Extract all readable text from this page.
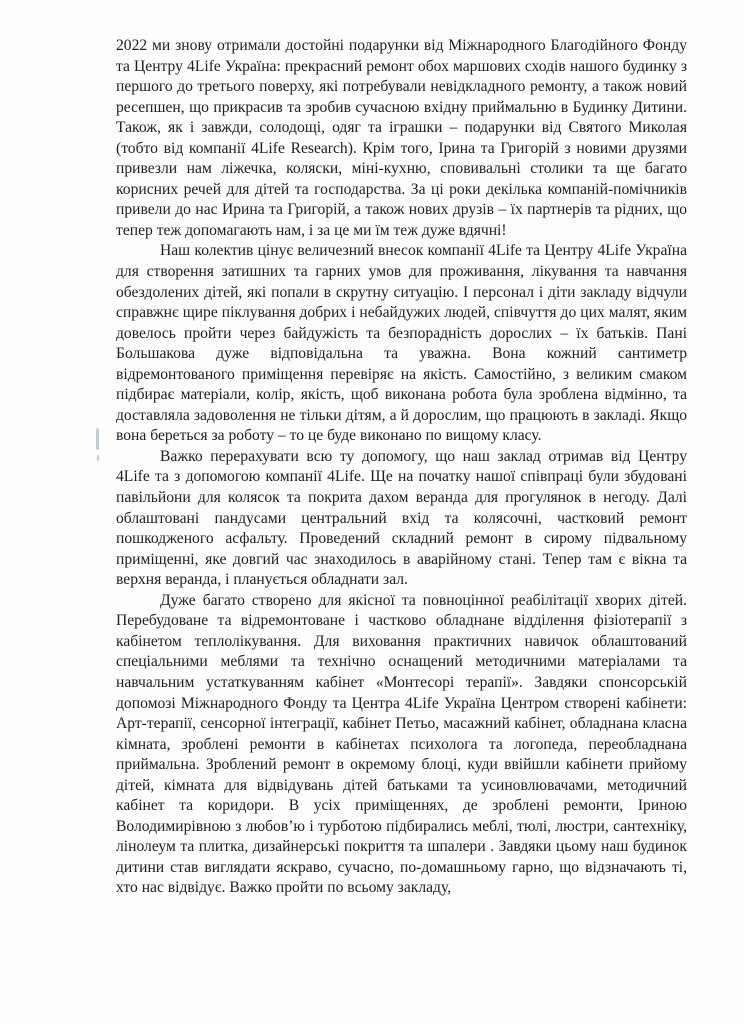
2022 ми знову отримали достойні подарунки від Міжнародного Благодійного Фонду та Центру 4Life Україна: прекрасний ремонт обох маршових сходів нашого будинку з першого до третього поверху, які потребували невідкладного ремонту, а також новий ресепшен, що прикрасив та зробив сучасною вхідну приймальню в Будинку Дитини. Також, як і завжди, солодощі, одяг та іграшки – подарунки від Святого Миколая (тобто від компанії 4Life Research). Крім того, Ірина та Григорій з новими друзями привезли нам ліжечка, коляски, міні-кухню, сповивальні столики та ще багато корисних речей для дітей та господарства. За ці роки декілька компаній-помічників привели до нас Ирина та Григорій, а також нових друзів – їх партнерів та рідних, що тепер теж допомагають нам, і за це ми їм теж дуже вдячні!

Наш колектив цінує величезний внесок компанії 4Life та Центру 4Life Україна для створення затишних та гарних умов для проживання, лікування та навчання обездолених дітей, які попали в скрутну ситуацію. І персонал і діти закладу відчули справжнє щире піклування добрих і небайдужих людей, співчуття до цих малят, яким довелось пройти через байдужість та безпорадність дорослих – їх батьків. Пані Большакова дуже відповідальна та уважна. Вона кожний сантиметр відремонтованого приміщення перевіряє на якість. Самостійно, з великим смаком підбирає матеріали, колір, якість, щоб виконана робота була зроблена відмінно, та доставляла задоволення не тільки дітям, а й дорослим, що працюють в закладі. Якщо вона береться за роботу – то це буде виконано по вищому класу.

Важко перерахувати всю ту допомогу, що наш заклад отримав від Центру 4Life та з допомогою компанії 4Life. Ще на початку нашої співпраці були збудовані павільйони для колясок та покрита дахом веранда для прогулянок в негоду. Далі облаштовані пандусами центральний вхід та колясочні, частковий ремонт пошкодженого асфальту. Проведений складний ремонт в сирому підвальному приміщенні, яке довгий час знаходилось в аварійному стані. Тепер там є вікна та верхня веранда, і планується обладнати зал.

Дуже багато створено для якісної та повноцінної реабілітації хворих дітей. Перебудоване та відремонтоване і частково обладнане відділення фізіотерапії з кабінетом теплолікування. Для виховання практичних навичок облаштований спеціальними меблями та технічно оснащений методичними матеріалами та навчальним устаткуванням кабінет «Монтесорі терапії». Завдяки спонсорській допомозі Міжнародного Фонду та Центра 4Life Україна Центром створені кабінети: Арт-терапії, сенсорної інтеграції, кабінет Петьо, масажний кабінет, обладнана класна кімната, зроблені ремонти в кабінетах психолога та логопеда, переобладнана приймальна. Зроблений ремонт в окремому блоці, куди ввійшли кабінети прийому дітей, кімната для відвідувань дітей батьками та усиновлювачами, методичний кабінет та коридори. В усіх приміщеннях, де зроблені ремонти, Іриною Володимирівною з любов’ю і турботою підбирались меблі, тюлі, люстри, сантехніку, лінолеум та плитка, дизайнерські покриття та шпалери . Завдяки цьому наш будинок дитини став виглядати яскраво, сучасно, по-домашньому гарно, що відзначають ті, хто нас відвідує. Важко пройти по всьому закладу,
